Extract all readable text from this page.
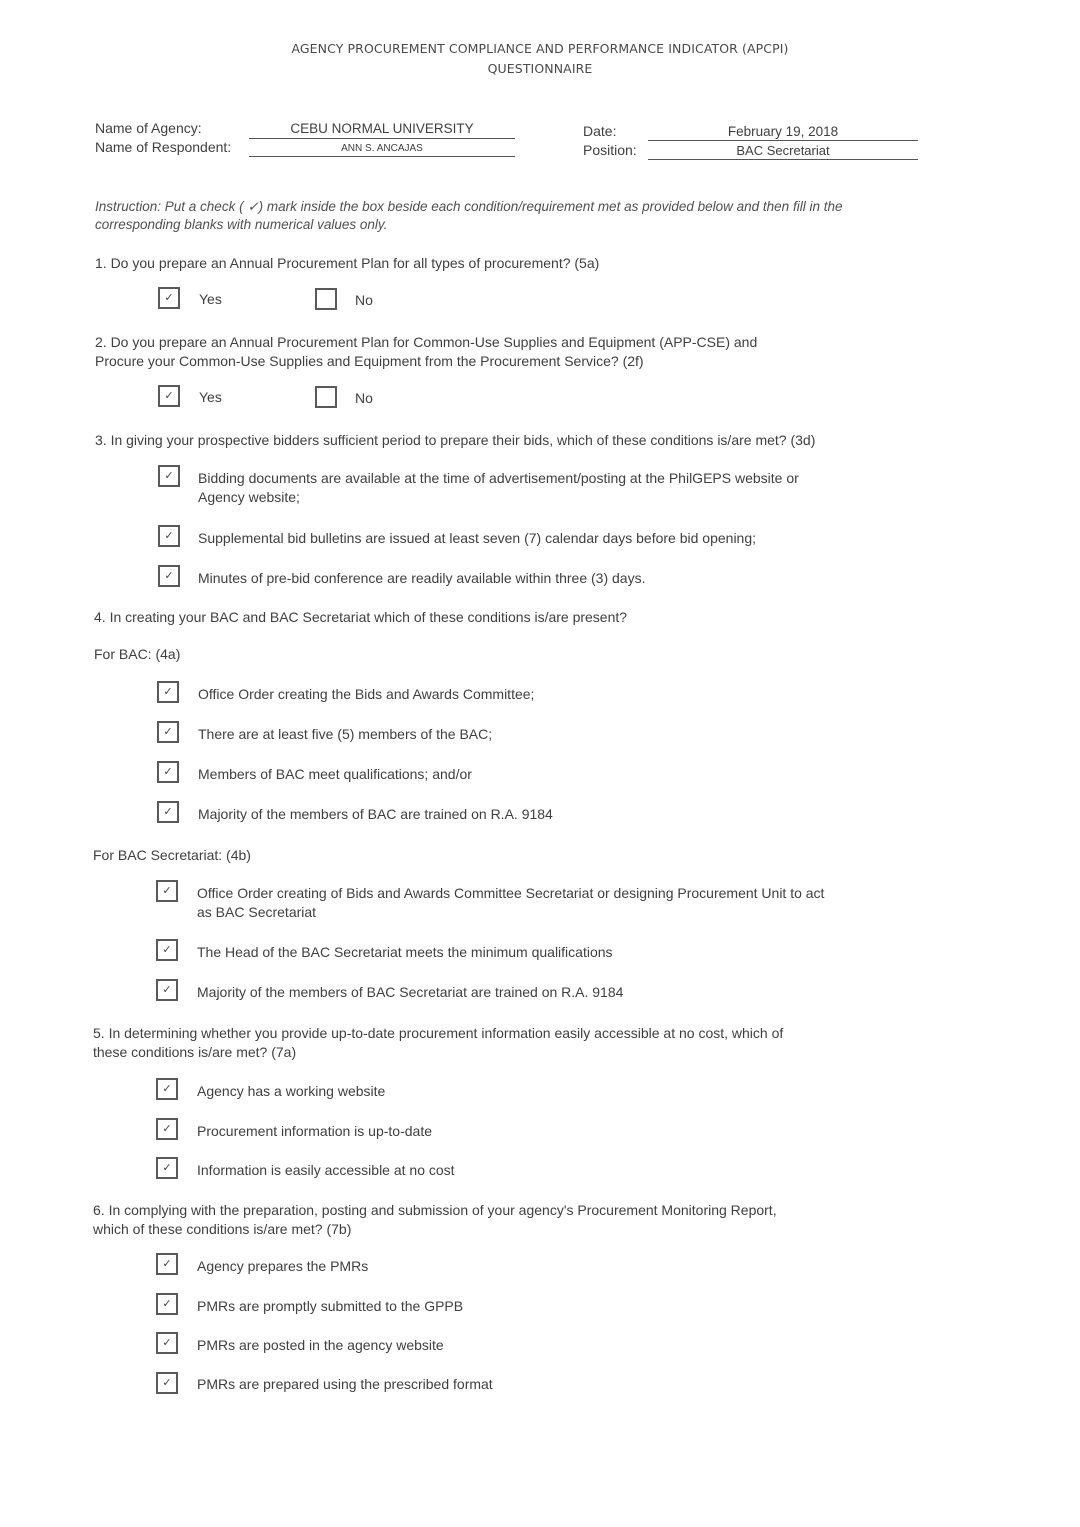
AGENCY PROCUREMENT COMPLIANCE AND PERFORMANCE INDICATOR (APCPI)
QUESTIONNAIRE
Name of Agency:	CEBU NORMAL UNIVERSITY
Name of Respondent:	ANN S. ANCAJAS
Date:	February 19, 2018
Position:	BAC Secretariat
Instruction: Put a check ( ✓) mark inside the box beside each condition/requirement met as provided below and then fill in the corresponding blanks with numerical values only.
1. Do you prepare an Annual Procurement Plan for all types of procurement? (5a)
✓	Yes	No
2. Do you prepare an Annual Procurement Plan for Common-Use Supplies and Equipment (APP-CSE) and Procure your Common-Use Supplies and Equipment from the Procurement Service? (2f)
✓	Yes	No
3. In giving your prospective bidders sufficient period to prepare their bids, which of these conditions is/are met? (3d)
✓	Bidding documents are available at the time of advertisement/posting at the PhilGEPS website or Agency website;
✓	Supplemental bid bulletins are issued at least seven (7) calendar days before bid opening;
✓	Minutes of pre-bid conference are readily available within three (3) days.
4. In creating your BAC and BAC Secretariat which of these conditions is/are present?
For BAC: (4a)
✓	Office Order creating the Bids and Awards Committee;
✓	There are at least five (5) members of the BAC;
✓	Members of BAC meet qualifications; and/or
✓	Majority of the members of BAC are trained on R.A. 9184
For BAC Secretariat: (4b)
✓	Office Order creating of Bids and Awards Committee Secretariat or designing Procurement Unit to act as BAC Secretariat
✓	The Head of the BAC Secretariat meets the minimum qualifications
✓	Majority of the members of BAC Secretariat are trained on R.A. 9184
5. In determining whether you provide up-to-date procurement information easily accessible at no cost, which of these conditions is/are met? (7a)
✓	Agency has a working website
✓	Procurement information is up-to-date
✓	Information is easily accessible at no cost
6. In complying with the preparation, posting and submission of your agency's Procurement Monitoring Report, which of these conditions is/are met? (7b)
✓	Agency prepares the PMRs
✓	PMRs are promptly submitted to the GPPB
✓	PMRs are posted in the agency website
✓	PMRs are prepared using the prescribed format
